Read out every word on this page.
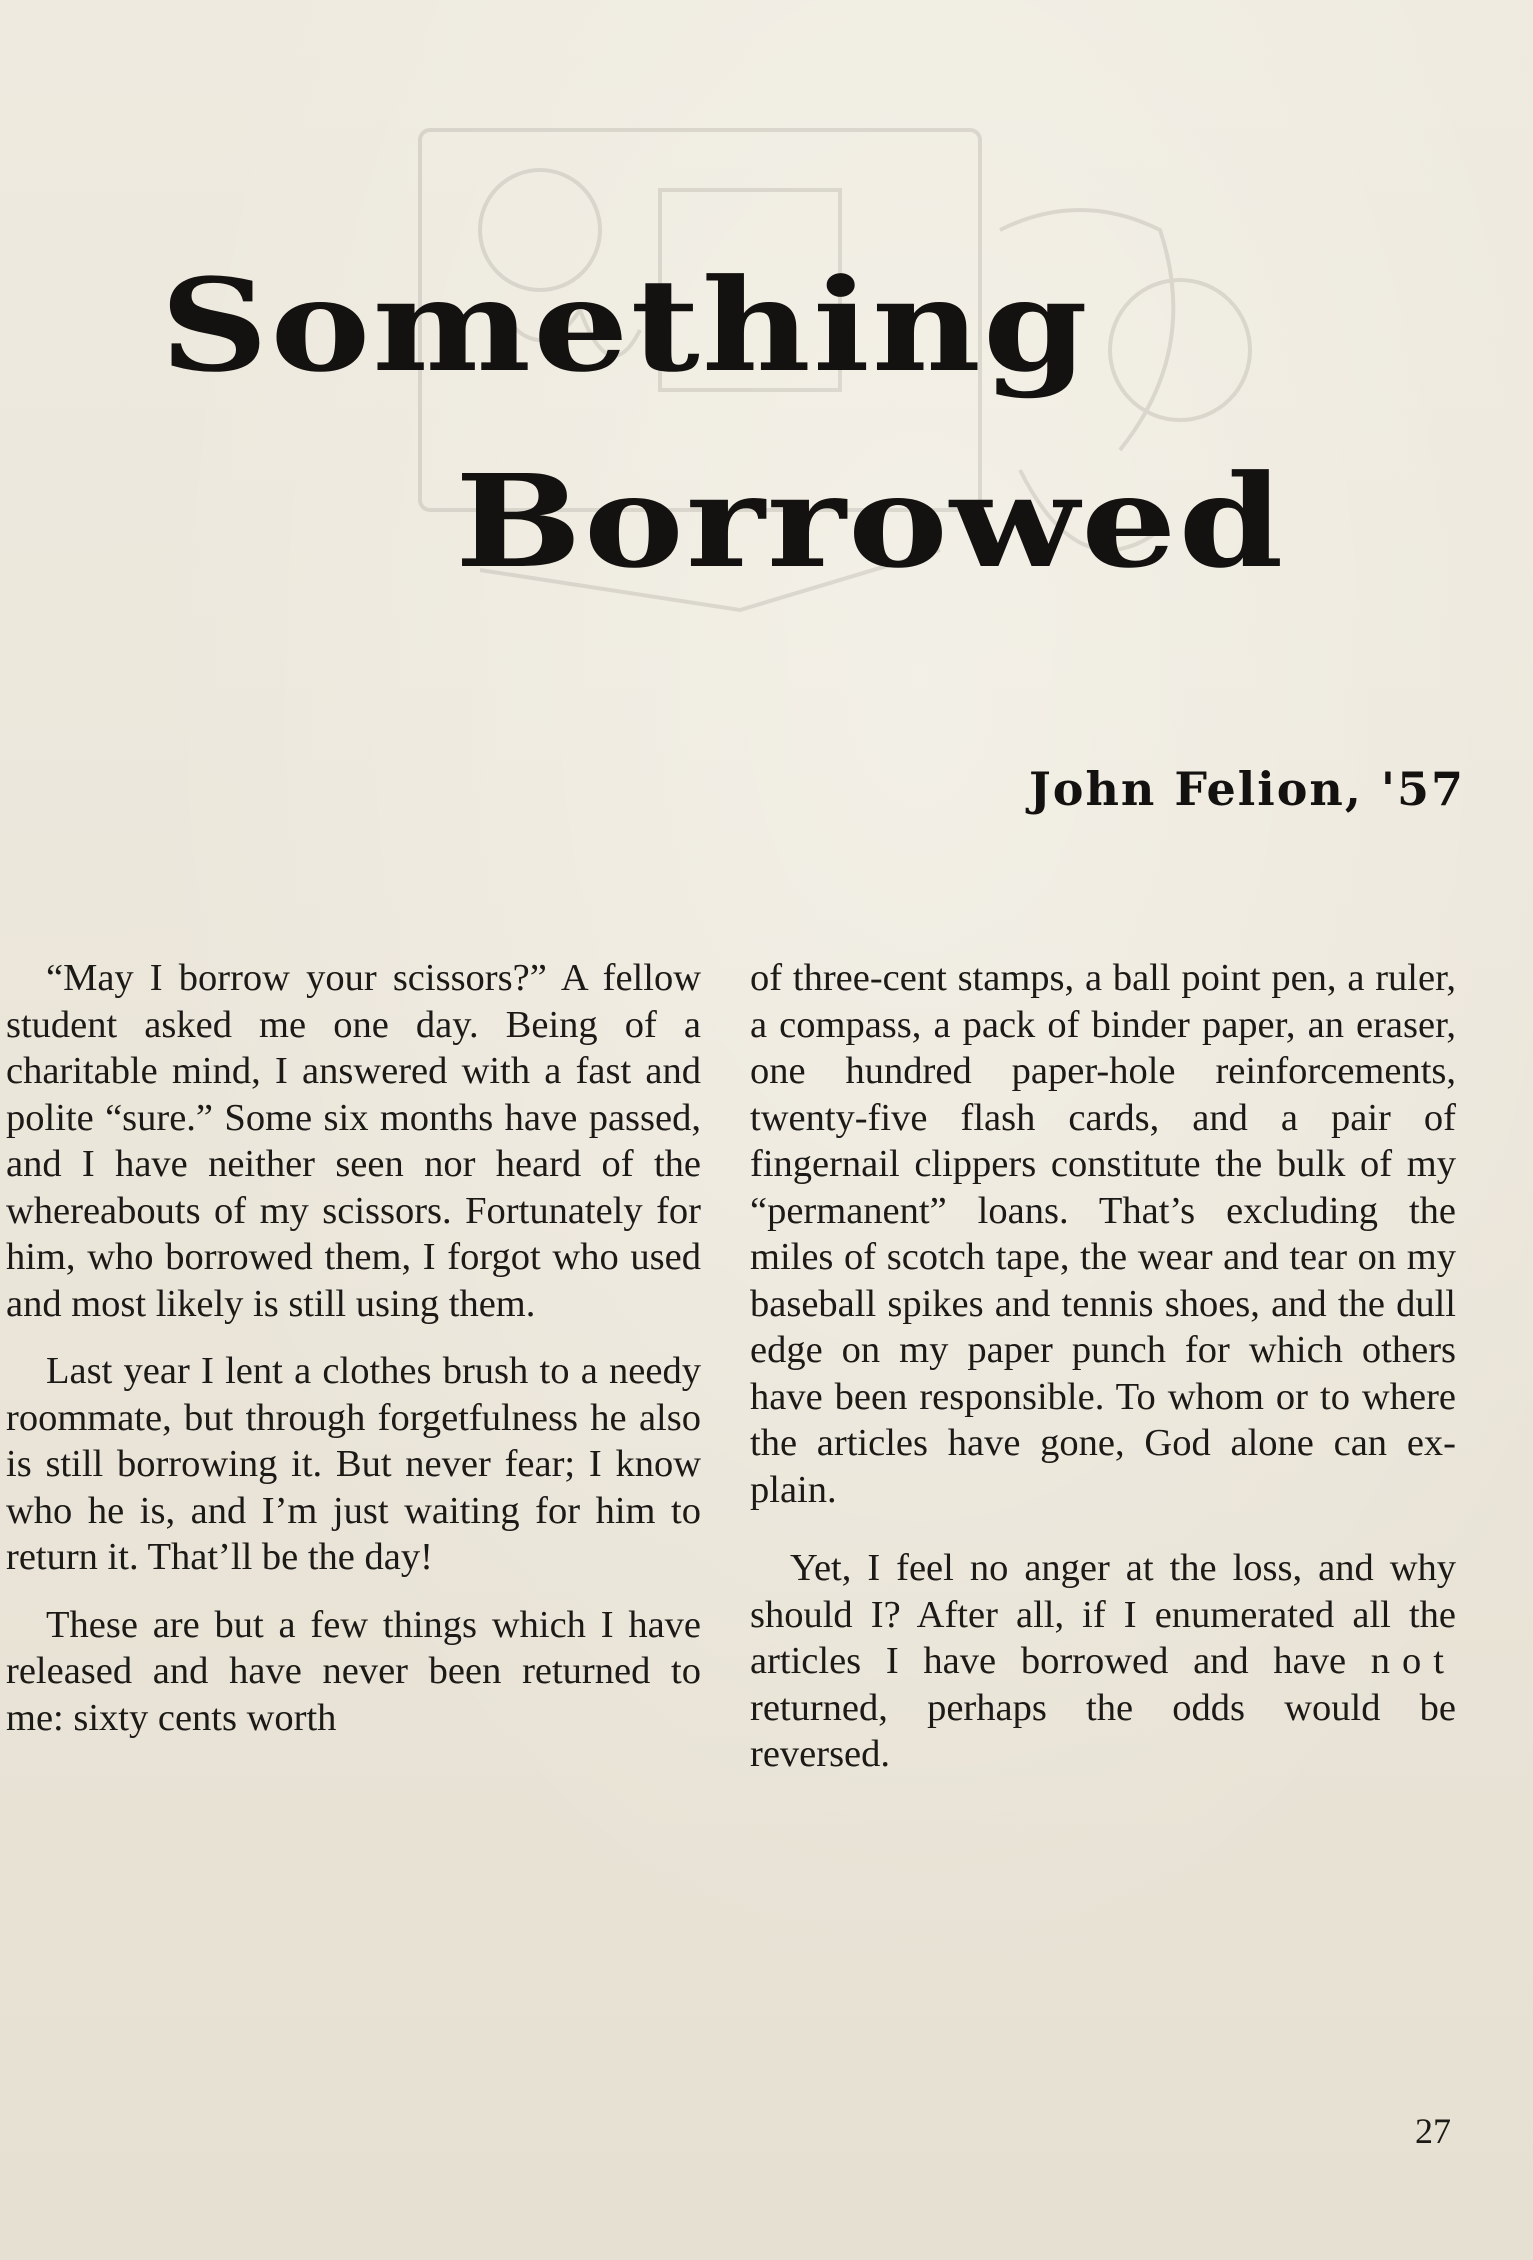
Something
Borrowed
John Felion, '57

“May I borrow your scissors?” A fellow student asked me one day. Being of a charitable mind, I answered with a fast and polite “sure.” Some six months have passed, and I have neither seen nor heard of the whereabouts of my scissors. Fortunately for him, who borrowed them, I forgot who used and most likely is still using them.

Last year I lent a clothes brush to a needy roommate, but through forgetfulness he also is still borrowing it. But never fear; I know who he is, and I’m just waiting for him to return it. That’ll be the day!

These are but a few things which I have released and have never been returned to me: sixty cents worth

of three-cent stamps, a ball point pen, a ruler, a compass, a pack of binder paper, an eraser, one hundred paper-hole reinforcements, twenty-five flash cards, and a pair of fingernail clippers constitute the bulk of my “permanent” loans. That’s excluding the miles of scotch tape, the wear and tear on my baseball spikes and tennis shoes, and the dull edge on my paper punch for which others have been responsible. To whom or to where the articles have gone, God alone can explain.

Yet, I feel no anger at the loss, and why should I? After all, if I enumerated all the articles I have borrowed and have not returned, perhaps the odds would be reversed.

27
